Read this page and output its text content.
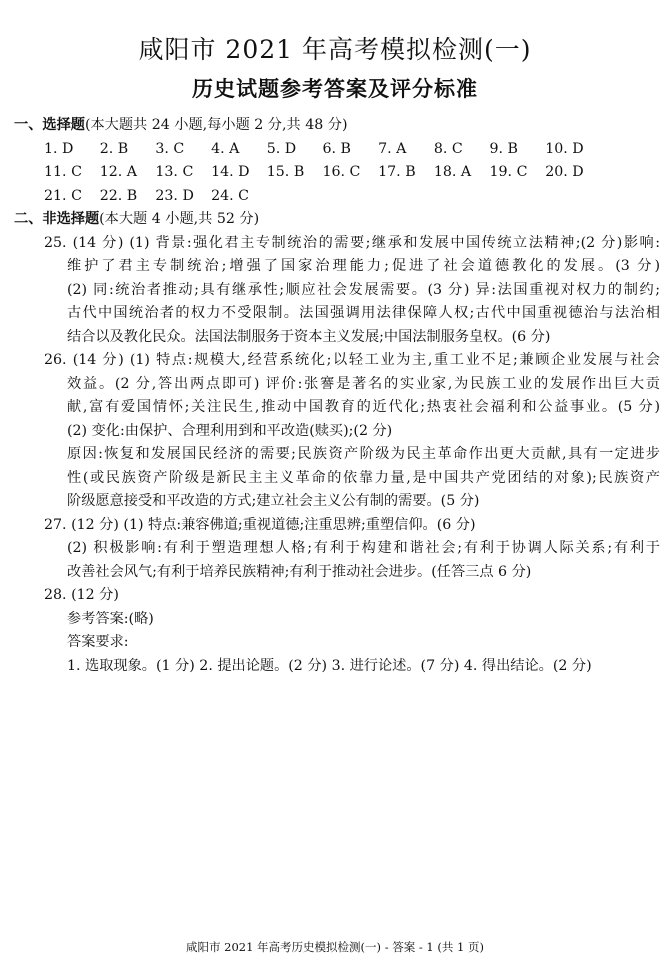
咸阳市 2021 年高考模拟检测(一)
历史试题参考答案及评分标准

一、选择题(本大题共 24 小题,每小题 2 分,共 48 分)

1. D	2. B	3. C	4. A	5. D	6. B	7. A	8. C	9. B	10. D
11. C	12. A	13. C	14. D	15. B	16. C	17. B	18. A	19. C	20. D
21. C	22. B	23. D	24. C

二、非选择题(本大题 4 小题,共 52 分)

25. (14 分) (1) 背景:强化君主专制统治的需要;继承和发展中国传统立法精神;(2 分)影响:
维护了君主专制统治;增强了国家治理能力;促进了社会道德教化的发展。(3 分)
(2) 同:统治者推动;具有继承性;顺应社会发展需要。(3 分) 异:法国重视对权力的制约;
古代中国统治者的权力不受限制。法国强调用法律保障人权;古代中国重视德治与法治相
结合以及教化民众。法国法制服务于资本主义发展;中国法制服务皇权。(6 分)
26. (14 分) (1) 特点:规模大,经营系统化;以轻工业为主,重工业不足;兼顾企业发展与社会
效益。(2 分,答出两点即可) 评价:张謇是著名的实业家,为民族工业的发展作出巨大贡
献,富有爱国情怀;关注民生,推动中国教育的近代化;热衷社会福利和公益事业。(5 分)
(2) 变化:由保护、合理利用到和平改造(赎买);(2 分)
原因:恢复和发展国民经济的需要;民族资产阶级为民主革命作出更大贡献,具有一定进步
性(或民族资产阶级是新民主主义革命的依靠力量,是中国共产党团结的对象);民族资产
阶级愿意接受和平改造的方式;建立社会主义公有制的需要。(5 分)
27. (12 分) (1) 特点:兼容佛道;重视道德;注重思辨;重塑信仰。(6 分)
(2) 积极影响:有利于塑造理想人格;有利于构建和谐社会;有利于协调人际关系;有利于
改善社会风气;有利于培养民族精神;有利于推动社会进步。(任答三点 6 分)
28. (12 分)
参考答案:(略)
答案要求:
1. 选取现象。(1 分) 2. 提出论题。(2 分) 3. 进行论述。(7 分) 4. 得出结论。(2 分)
咸阳市 2021 年高考历史模拟检测(一) - 答案 - 1 (共 1 页)
